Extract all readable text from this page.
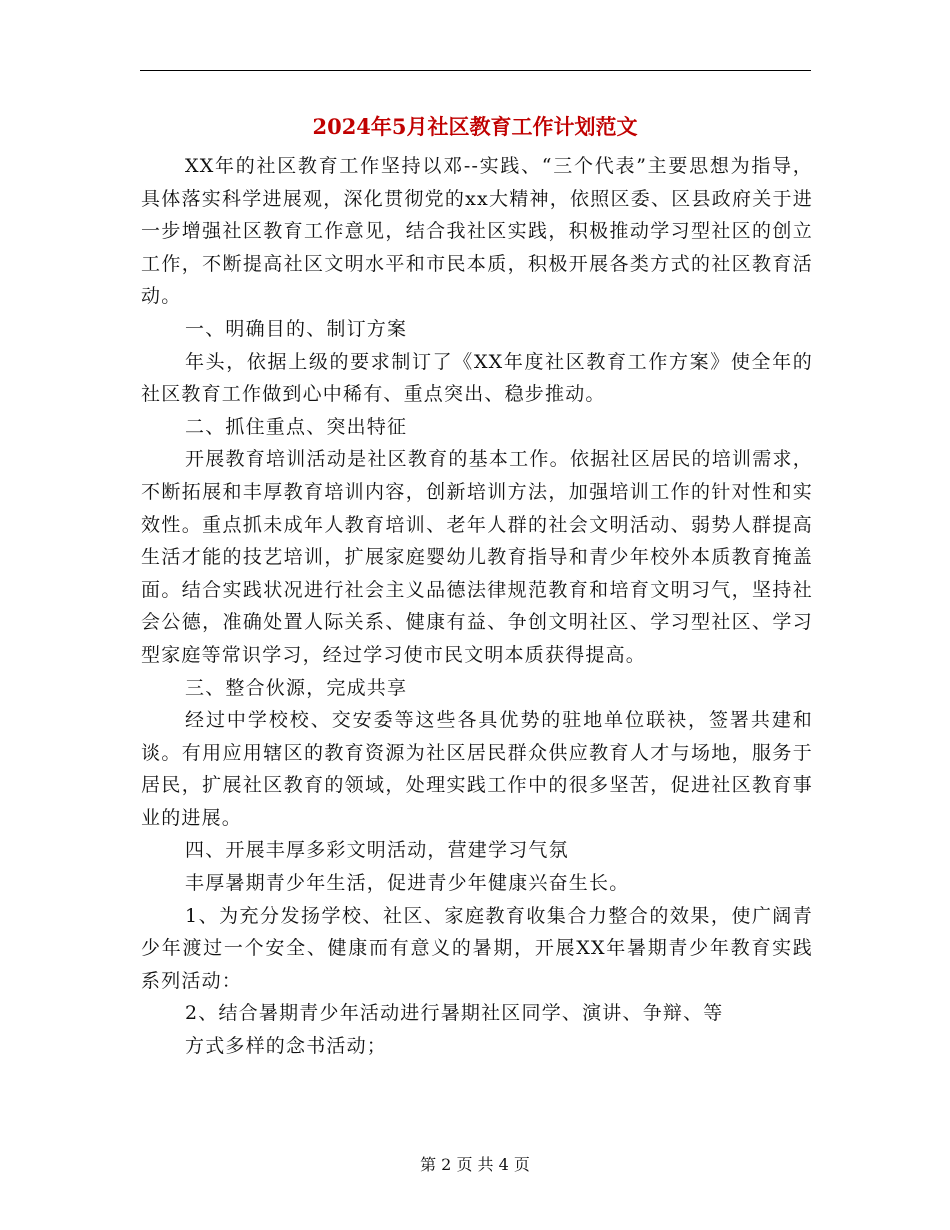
2024年5月社区教育工作计划范文

XX年的社区教育工作坚持以邓--实践、“三个代表”主要思想为指导，具体落实科学进展观，深化贯彻党的xx大精神，依照区委、区县政府关于进一步增强社区教育工作意见，结合我社区实践，积极推动学习型社区的创立工作，不断提高社区文明水平和市民本质，积极开展各类方式的社区教育活动。

一、明确目的、制订方案

年头，依据上级的要求制订了《XX年度社区教育工作方案》使全年的社区教育工作做到心中稀有、重点突出、稳步推动。

二、抓住重点、突出特征

开展教育培训活动是社区教育的基本工作。依据社区居民的培训需求，不断拓展和丰厚教育培训内容，创新培训方法，加强培训工作的针对性和实效性。重点抓未成年人教育培训、老年人群的社会文明活动、弱势人群提高生活才能的技艺培训，扩展家庭婴幼儿教育指导和青少年校外本质教育掩盖面。结合实践状况进行社会主义品德法律规范教育和培育文明习气，坚持社会公德，准确处置人际关系、健康有益、争创文明社区、学习型社区、学习型家庭等常识学习，经过学习使市民文明本质获得提高。

三、整合伙源，完成共享

经过中学校校、交安委等这些各具优势的驻地单位联袂，签署共建和谈。有用应用辖区的教育资源为社区居民群众供应教育人才与场地，服务于居民，扩展社区教育的领域，处理实践工作中的很多坚苦，促进社区教育事业的进展。

四、开展丰厚多彩文明活动，营建学习气氛

丰厚暑期青少年生活，促进青少年健康兴奋生长。

1、为充分发扬学校、社区、家庭教育收集合力整合的效果，使广阔青少年渡过一个安全、健康而有意义的暑期，开展XX年暑期青少年教育实践系列活动：

2、结合暑期青少年活动进行暑期社区同学、演讲、争辩、等

方式多样的念书活动；

第 2 页 共 4 页
